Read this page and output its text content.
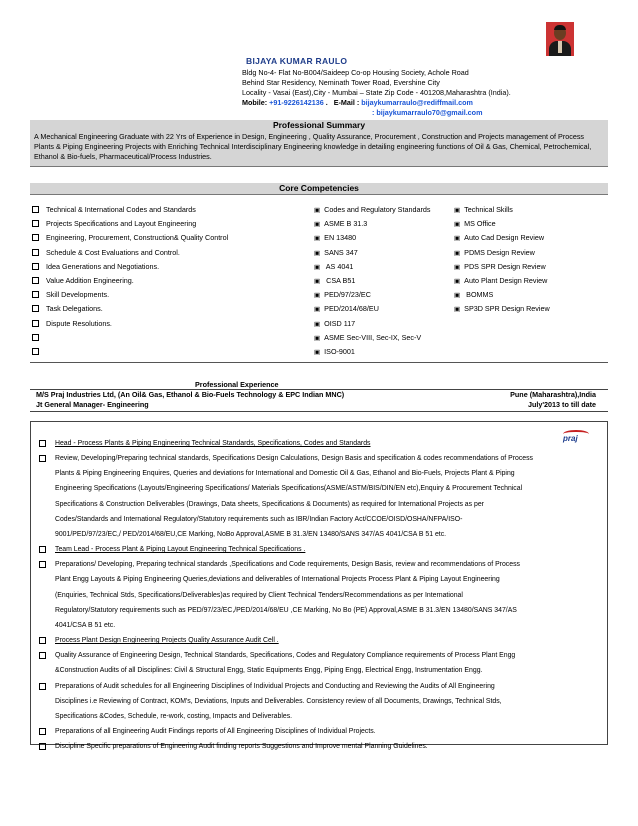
BIJAYA KUMAR RAULO
Bldg No-4- Flat No-B004/Saideep Co-op Housing Society, Achole Road
Behind Star Residency, Neminath Tower Road, Evershine City
Locality - Vasai (East),City - Mumbai – State Zip Code - 401208,Maharashtra (India).
Mobile: +91-9226142136 .   E-Mail : bijaykumarraulo@rediffmail.com
: bijaykumarraulo70@gmail.com
Professional Summary
A Mechanical Engineering Graduate with 22 Yrs of Experience in Design, Engineering , Quality Assurance, Procurement , Construction and Projects management of Process Plants & Piping Engineering Projects with Enriching Technical Interdisciplinary Engineering knowledge in detailing engineering functions of Oil & Gas, Chemical, Petrochemical, Ethanol & Bio-fuels, Pharmaceutical/Process Industries.
Core Competencies
Technical & International Codes and Standards
Projects Specifications and Layout Engineering
Engineering, Procurement, Construction& Quality Control
Schedule & Cost Evaluations and Control.
Idea Generations and Negotiations.
Value Addition Engineering.
Skill Developments.
Task Delegations.
Dispute Resolutions.
▣ Codes and Regulatory Standards
▣ ASME B 31.3
▣ EN 13480
▣ SANS 347
▣ AS 4041
▣ CSA B51
▣ PED/97/23/EC
▣ PED/2014/68/EU
▣ OISD 117
▣ ASME Sec-VIII, Sec-IX, Sec-V
▣ ISO-9001
▣ Technical Skills
▣ MS Office
▣ Auto Cad Design Review
▣ PDMS Design Review
▣ PDS SPR Design Review
▣ Auto Plant Design Review
▣ BOMMS
▣ SP3D SPR Design Review
Professional Experience
M/S Praj Industries Ltd, (An Oil& Gas, Ethanol & Bio-Fuels Technology & EPC Indian MNC)	Pune (Maharashtra),India
Jt General Manager- Engineering	July'2013 to till date
praj
Head - Process Plants & Piping Engineering Technical Standards, Specifications, Codes and Standards
Review, Developing/Preparing technical standards, Specifications Design Calculations, Design Basis and specification & codes recommendations of Process
Plants & Piping Engineering Enquires, Queries and deviations for International and Domestic Oil & Gas, Ethanol and Bio-Fuels, Projects Plant & Piping
Engineering Specifications (Layouts/Engineering Specifications/ Materials Specifications(ASME/ASTM/BIS/DIN/EN etc),Enquiry & Procurement Technical
Specifications & Construction Deliverables (Drawings, Data sheets, Specifications & Documents) as required for International Projects as per
Codes/Standards and International Regulatory/Statutory requirements such as IBR/Indian Factory Act/CCOE/OISD/OSHA/NFPA/ISO-
9001/PED/97/23/EC,/ PED/2014/68/EU,CE Marking, NoBo Approval,ASME B 31.3/EN 13480/SANS 347/AS 4041/CSA B 51 etc.
Team Lead - Process Plant & Piping Layout Engineering Technical Specifications .
Preparations/ Developing, Preparing technical standards ,Specifications and Code requirements, Design Basis, review and recommendations of Process
Plant Engg Layouts & Piping Engineering Queries,deviations and deliverables of International Projects Process Plant & Piping Layout Engineering
(Enquiries, Technical Stds, Specifications/Deliverables)as required by Client Technical Tenders/Recommendations as per International
Regulatory/Statutory requirements such as PED/97/23/EC,/PED/2014/68/EU ,CE Marking, No Bo (PE) Approval,ASME B 31.3/EN 13480/SANS 347/AS
4041/CSA B 51 etc.
Process Plant Design Engineering Projects Quality Assurance Audit Cell .
Quality Assurance of Engineering Design, Technical Standards, Specifications, Codes and Regulatory Compliance requirements of Process Plant Engg
&Construction Audits of all Disciplines: Civil & Structural Engg, Static Equipments Engg, Piping Engg, Electrical Engg, Instrumentation Engg.
Preparations of Audit schedules for all Engineering Disciplines of Individual Projects and Conducting and Reviewing the Audits of All Engineering
Disciplines i.e Reviewing of Contract, KOM's, Deviations, Inputs and Deliverables. Consistency review of all Documents, Drawings, Technical Stds,
Specifications &Codes, Schedule, re-work, costing, Impacts and Deliverables.
Preparations of all Engineering Audit Findings reports of All Engineering Disciplines of Individual Projects.
Discipline Specific preparations of Engineering Audit finding reports Suggestions and Improve mental Planning Guidelines.
